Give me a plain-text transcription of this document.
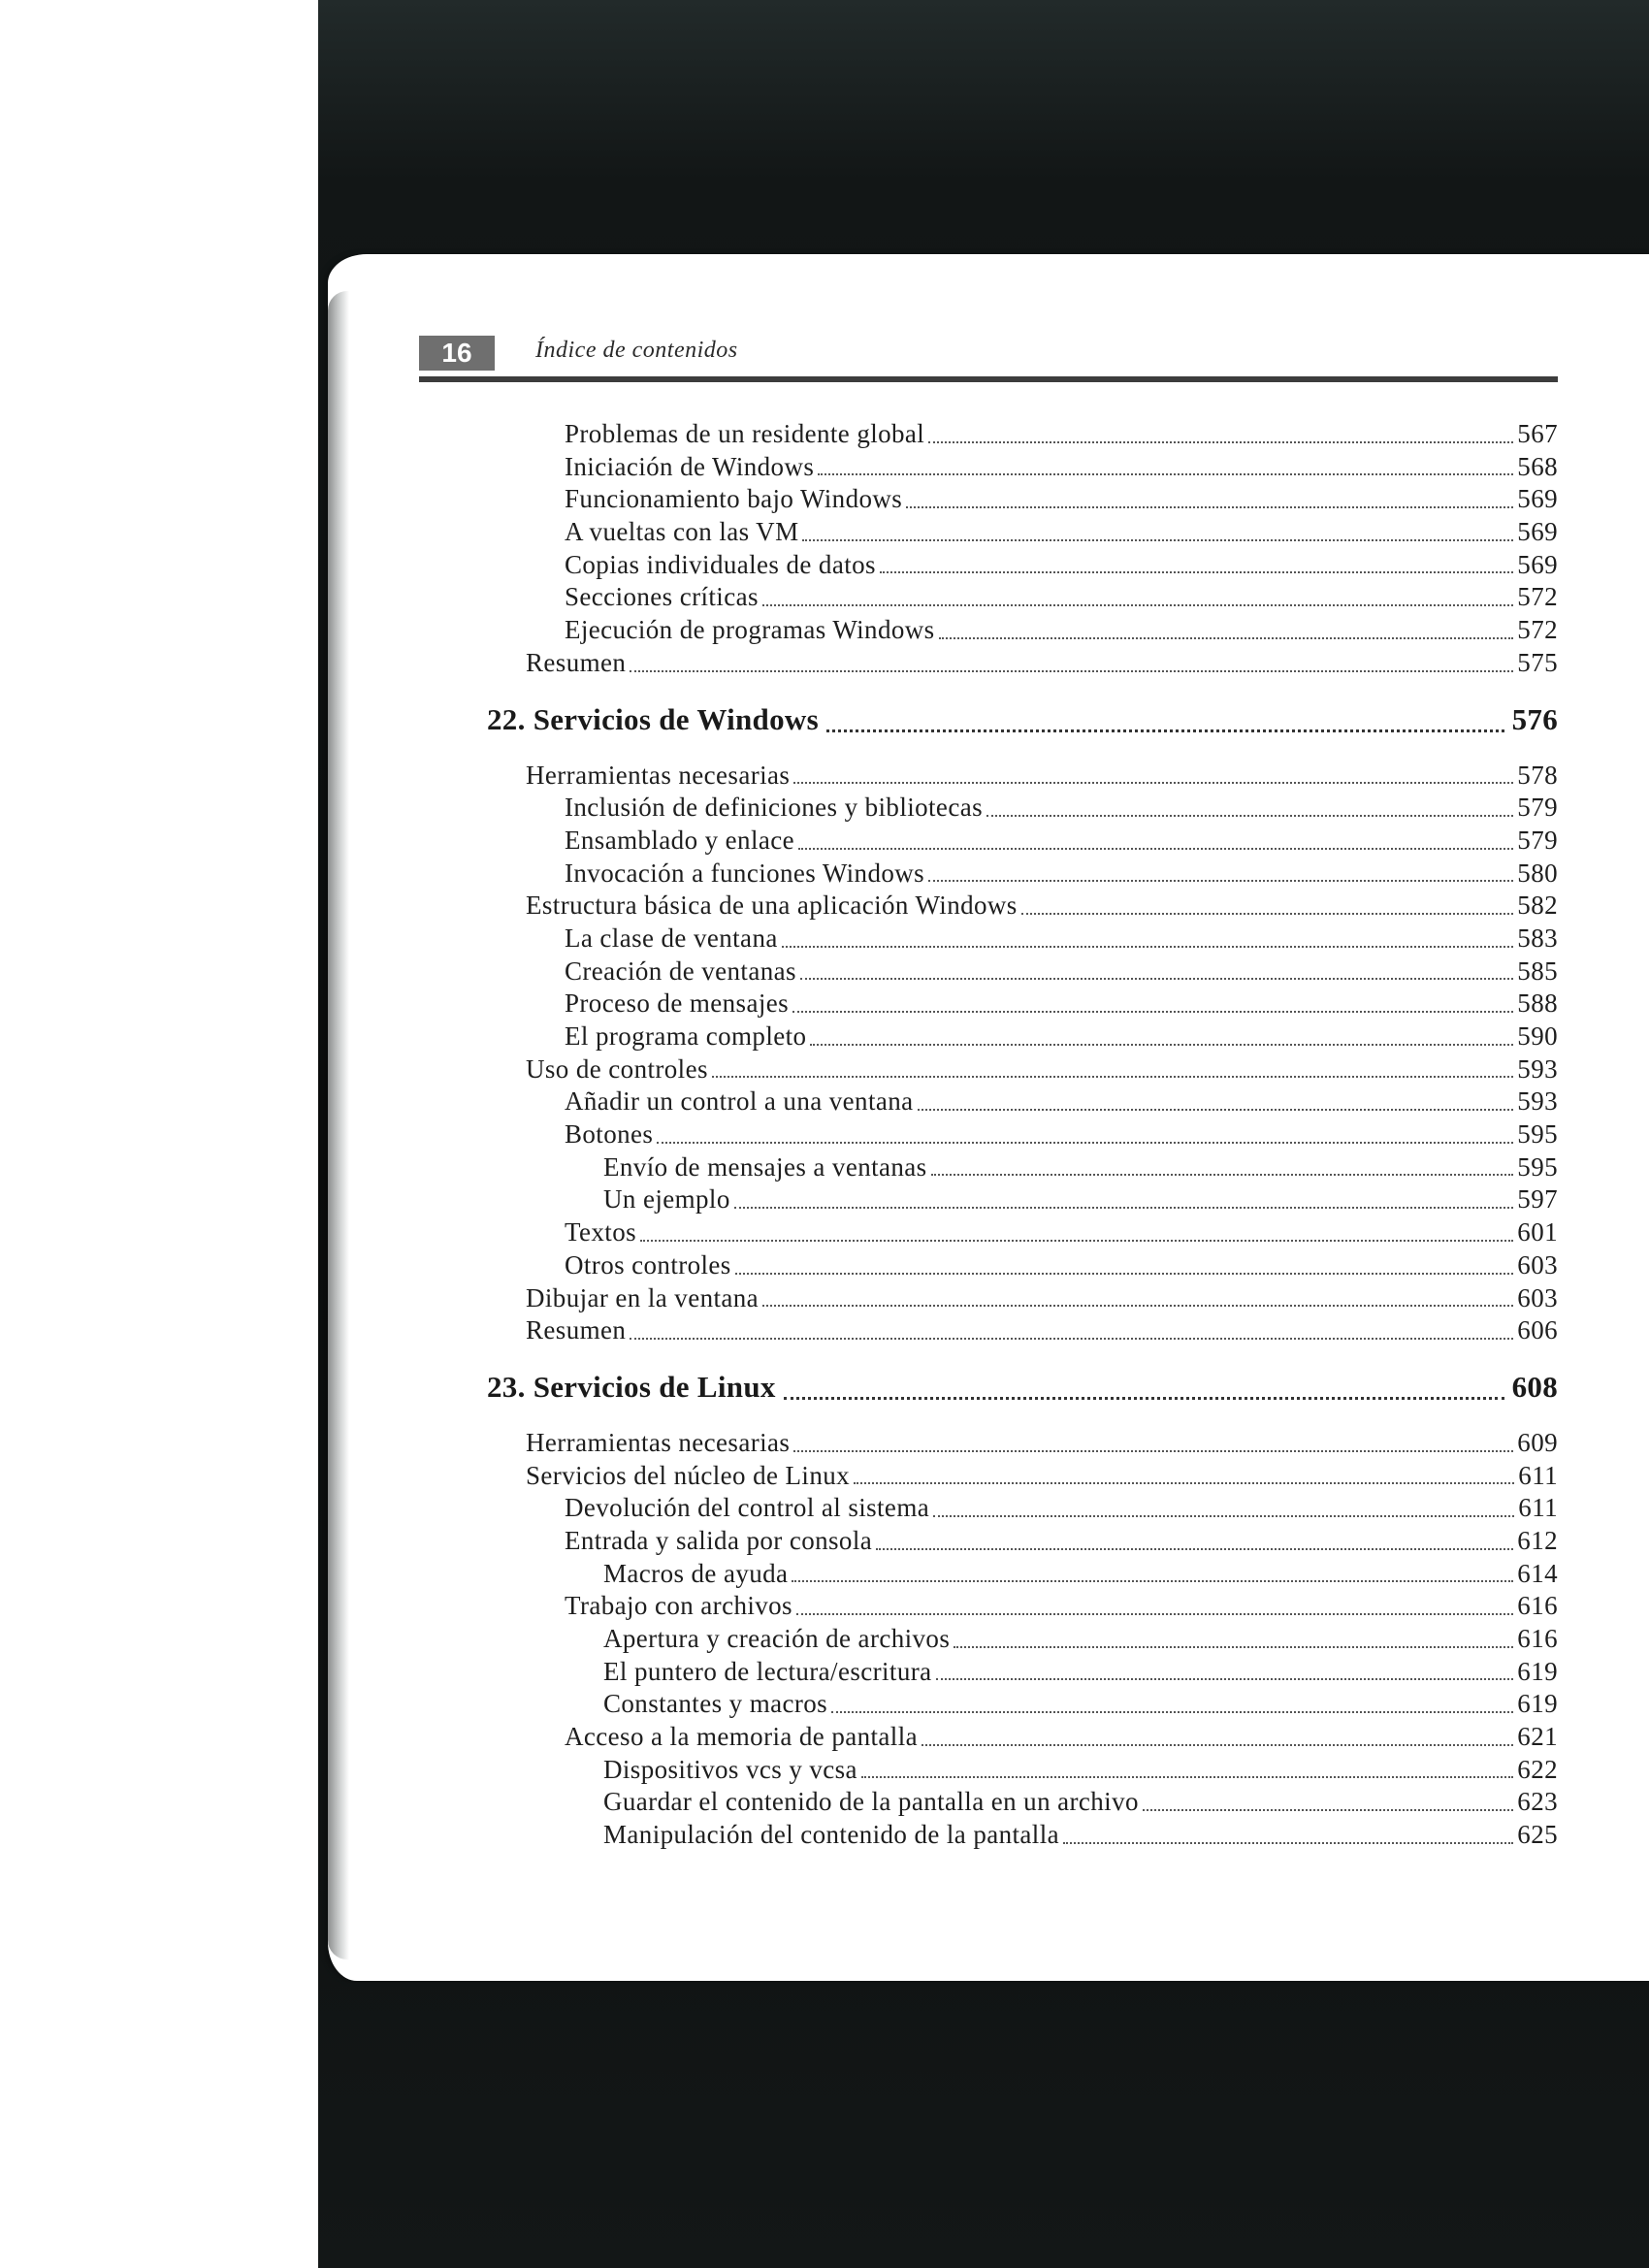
16	Índice de contenidos
Problemas de un residente global	567
Iniciación de Windows	568
Funcionamiento bajo Windows	569
A vueltas con las VM	569
Copias individuales de datos	569
Secciones críticas	572
Ejecución de programas Windows	572
Resumen	575
22. Servicios de Windows	576
Herramientas necesarias	578
Inclusión de definiciones y bibliotecas	579
Ensamblado y enlace	579
Invocación a funciones Windows	580
Estructura básica de una aplicación Windows	582
La clase de ventana	583
Creación de ventanas	585
Proceso de mensajes	588
El programa completo	590
Uso de controles	593
Añadir un control a una ventana	593
Botones	595
Envío de mensajes a ventanas	595
Un ejemplo	597
Textos	601
Otros controles	603
Dibujar en la ventana	603
Resumen	606
23. Servicios de Linux	608
Herramientas necesarias	609
Servicios del núcleo de Linux	611
Devolución del control al sistema	611
Entrada y salida por consola	612
Macros de ayuda	614
Trabajo con archivos	616
Apertura y creación de archivos	616
El puntero de lectura/escritura	619
Constantes y macros	619
Acceso a la memoria de pantalla	621
Dispositivos vcs y vcsa	622
Guardar el contenido de la pantalla en un archivo	623
Manipulación del contenido de la pantalla	625
